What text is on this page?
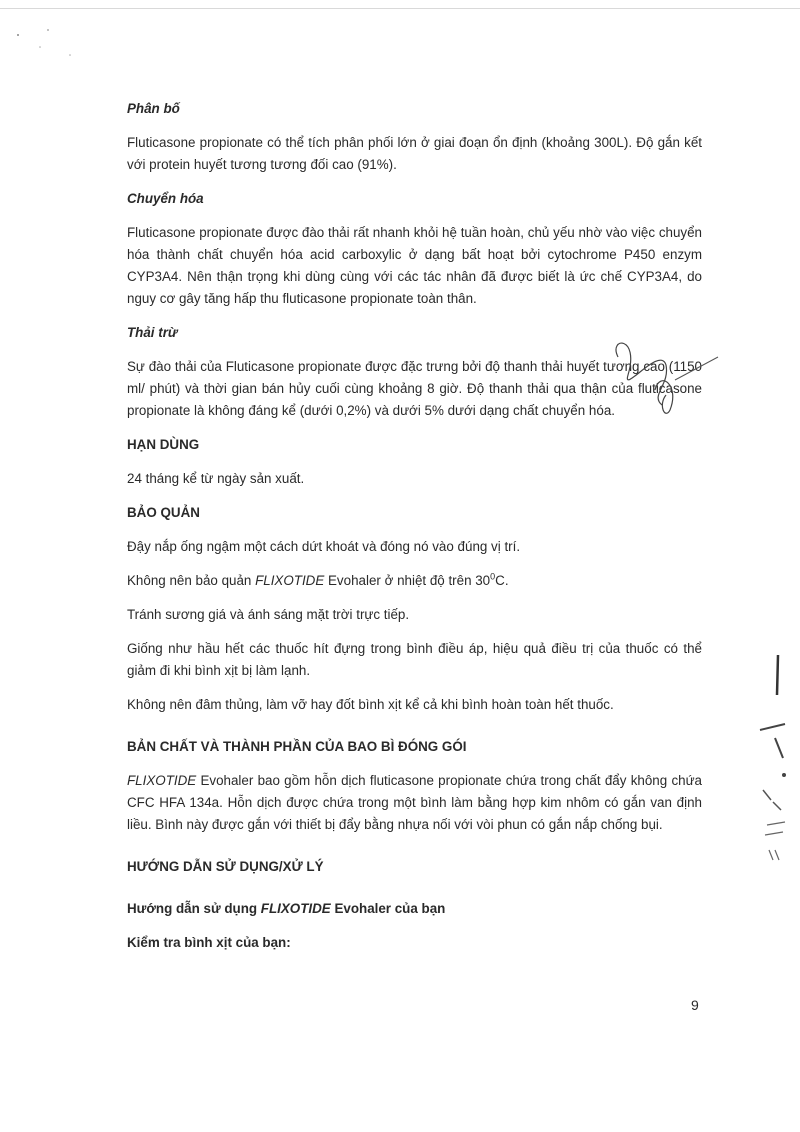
Phân bố

Fluticasone propionate có thể tích phân phối lớn ở giai đoạn ổn định (khoảng 300L). Độ gắn kết với protein huyết tương tương đối cao (91%).

Chuyển hóa

Fluticasone propionate được đào thải rất nhanh khỏi hệ tuần hoàn, chủ yếu nhờ vào việc chuyển hóa thành chất chuyển hóa acid carboxylic ở dạng bất hoạt bởi cytochrome P450 enzym CYP3A4. Nên thận trọng khi dùng cùng với các tác nhân đã được biết là ức chế CYP3A4, do nguy cơ gây tăng hấp thu fluticasone propionate toàn thân.

Thải trừ

Sự đào thải của Fluticasone propionate được đặc trưng bởi độ thanh thải huyết tương cao (1150 ml/ phút) và thời gian bán hủy cuối cùng khoảng 8 giờ. Độ thanh thải qua thận của fluticasone propionate là không đáng kể (dưới 0,2%) và dưới 5% dưới dạng chất chuyển hóa.

HẠN DÙNG

24 tháng kể từ ngày sản xuất.

BẢO QUẢN

Đậy nắp ống ngậm một cách dứt khoát và đóng nó vào đúng vị trí.

Không nên bảo quản FLIXOTIDE Evohaler ở nhiệt độ trên $30^0C$.

Tránh sương giá và ánh sáng mặt trời trực tiếp.

Giống như hầu hết các thuốc hít đựng trong bình điều áp, hiệu quả điều trị của thuốc có thể giảm đi khi bình xịt bị làm lạnh.

Không nên đâm thủng, làm vỡ hay đốt bình xịt kể cả khi bình hoàn toàn hết thuốc.

BẢN CHẤT VÀ THÀNH PHẦN CỦA BAO BÌ ĐÓNG GÓI

FLIXOTIDE Evohaler bao gồm hỗn dịch fluticasone propionate chứa trong chất đẩy không chứa CFC HFA 134a. Hỗn dịch được chứa trong một bình làm bằng hợp kim nhôm có gắn van định liều. Bình này được gắn với thiết bị đẩy bằng nhựa nối với vòi phun có gắn nắp chống bụi.

HƯỚNG DẪN SỬ DỤNG/XỬ LÝ

Hướng dẫn sử dụng FLIXOTIDE Evohaler của bạn

Kiểm tra bình xịt của bạn:

9
